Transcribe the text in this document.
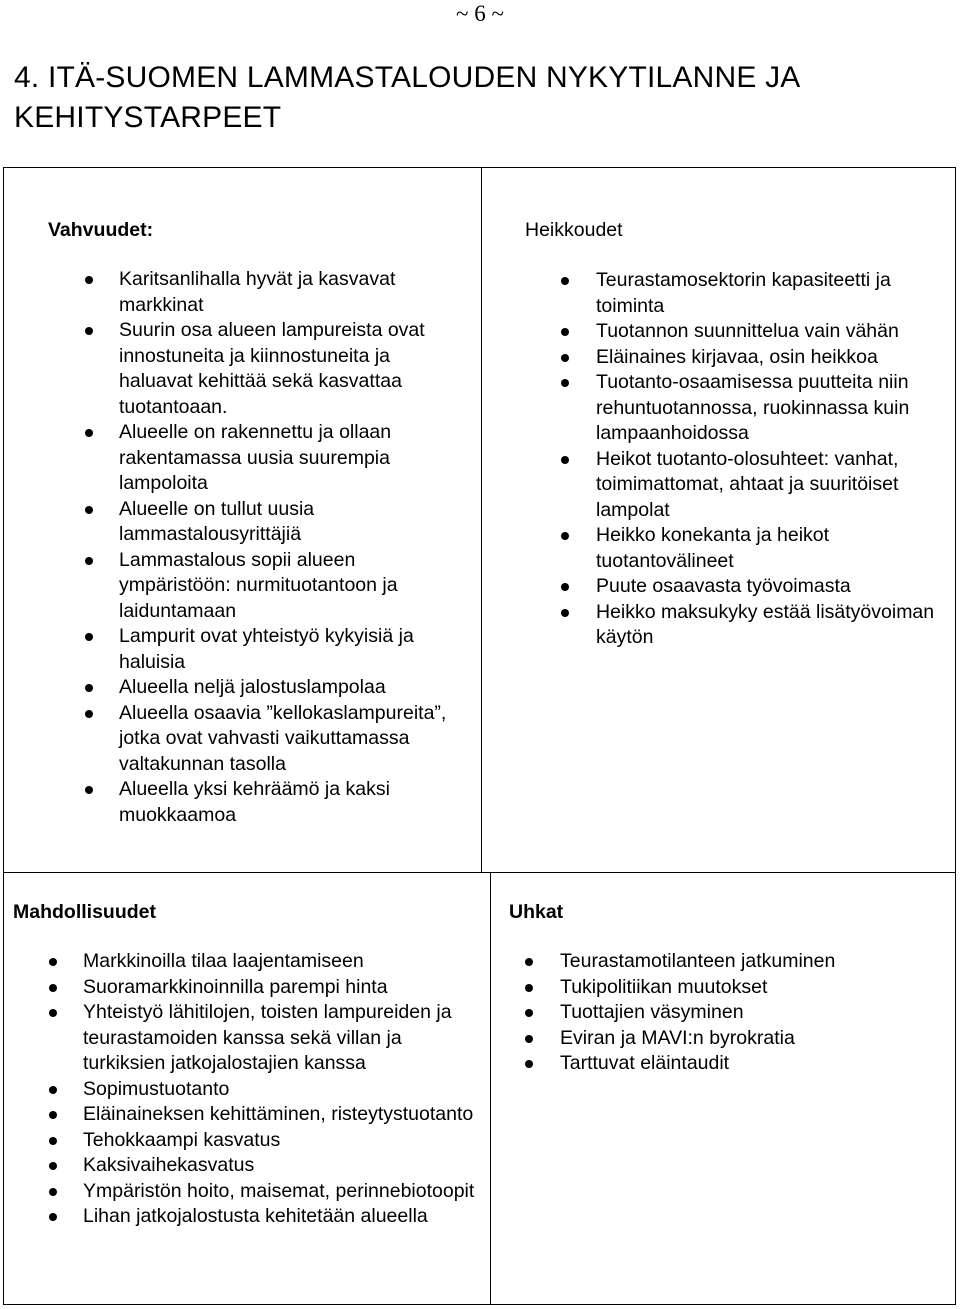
~ 6 ~
4. ITÄ-SUOMEN LAMMASTALOUDEN NYKYTILANNE JA KEHITYSTARPEET

Vahvuudet:

Karitsanlihalla hyvät ja kasvavat markkinat
Suurin osa alueen lampureista ovat innostuneita ja kiinnostuneita ja haluavat kehittää sekä kasvattaa tuotantoaan.
Alueelle on rakennettu ja ollaan rakentamassa uusia suurempia lampoloita
Alueelle on tullut uusia lammastalousyrittäjiä
Lammastalous sopii alueen ympäristöön: nurmituotantoon ja laiduntamaan
Lampurit ovat yhteistyö kykyisiä ja haluisia
Alueella neljä jalostuslampolaa
Alueella osaavia ”kellokaslampureita”, jotka ovat vahvasti vaikuttamassa valtakunnan tasolla
Alueella yksi kehräämö ja kaksi muokkaamoa

Heikkoudet

Teurastamosektorin kapasiteetti ja toiminta
Tuotannon suunnittelua vain vähän
Eläinaines kirjavaa, osin heikkoa
Tuotanto-osaamisessa puutteita niin rehuntuotannossa, ruokinnassa kuin lampaanhoidossa
Heikot tuotanto-olosuhteet: vanhat, toimimattomat, ahtaat ja suuritöiset lampolat
Heikko konekanta ja heikot tuotantovälineet
Puute osaavasta työvoimasta
Heikko maksukyky estää lisätyövoiman käytön

Mahdollisuudet

Markkinoilla tilaa laajentamiseen
Suoramarkkinoinnilla parempi hinta
Yhteistyö lähitilojen, toisten lampureiden ja teurastamoiden kanssa sekä villan ja turkiksien jatkojalostajien kanssa
Sopimustuotanto
Eläinaineksen kehittäminen, risteytystuotanto
Tehokkaampi kasvatus
Kaksivaihekasvatus
Ympäristön hoito, maisemat, perinnebiotoopit
Lihan jatkojalostusta kehitetään alueella

Uhkat

Teurastamotilanteen jatkuminen
Tukipolitiikan muutokset
Tuottajien väsyminen
Eviran ja MAVI:n byrokratia
Tarttuvat eläintaudit
